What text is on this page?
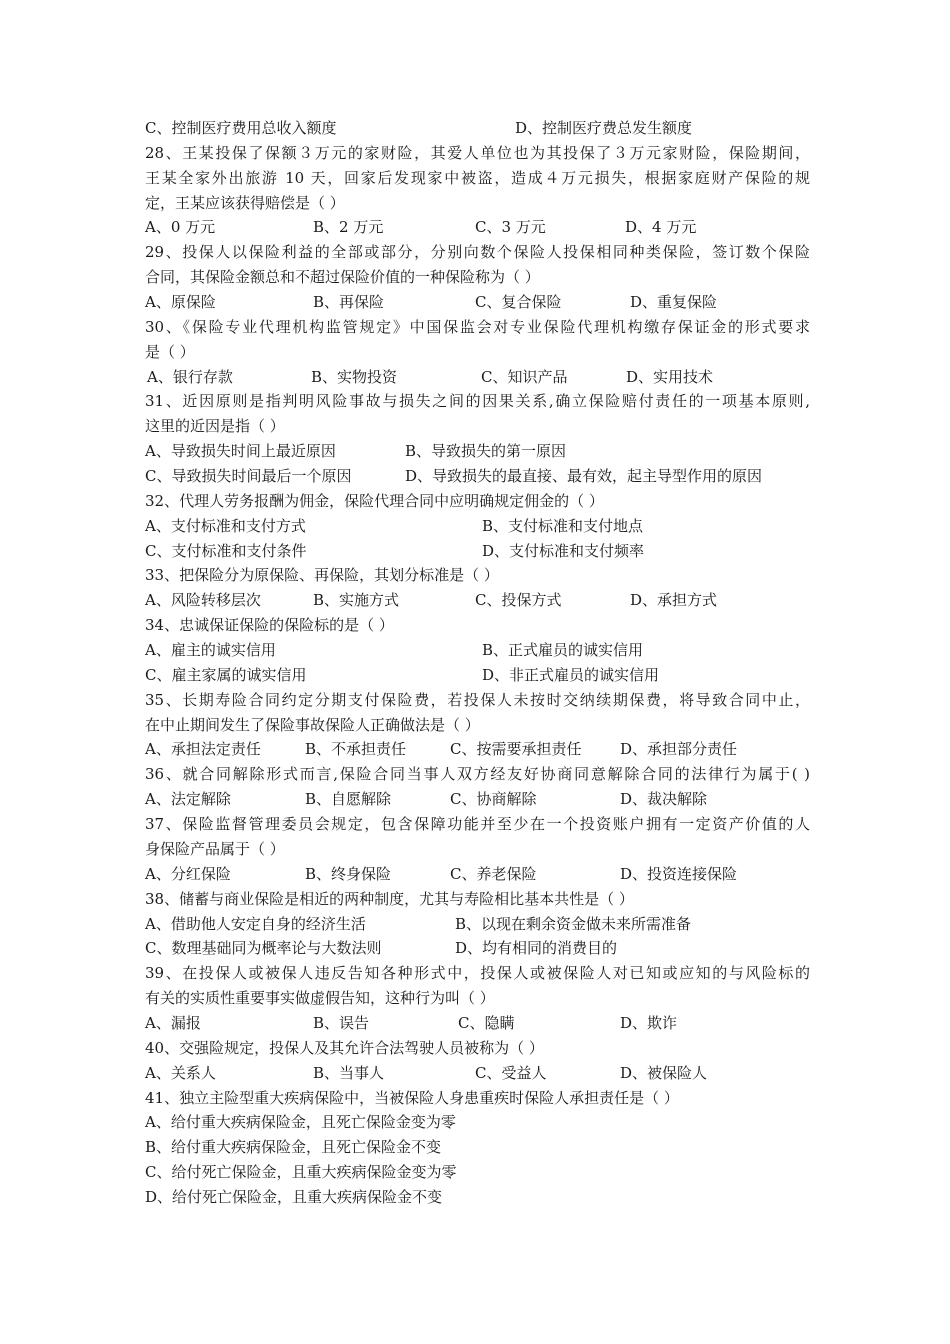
C、控制医疗费用总收入额度	D、控制医疗费总发生额度
28、王某投保了保额３万元的家财险，其爱人单位也为其投保了３万元家财险，保险期间，
王某全家外出旅游 10 天，回家后发现家中被盗，造成４万元损失，根据家庭财产保险的规
定，王某应该获得赔偿是（ ）
A、0 万元	B、2 万元	C、3 万元	D、4 万元
29、投保人以保险利益的全部或部分，分别向数个保险人投保相同种类保险，签订数个保险
合同，其保险金额总和不超过保险价值的一种保险称为（ ）
A、原保险	B、再保险	C、复合保险	D、重复保险
30、《保险专业代理机构监管规定》中国保监会对专业保险代理机构缴存保证金的形式要求
是（ ）
A、银行存款	B、实物投资	C、知识产品	D、实用技术
31、近因原则是指判明风险事故与损失之间的因果关系,确立保险赔付责任的一项基本原则,
这里的近因是指（ ）
A、导致损失时间上最近原因	B、导致损失的第一原因
C、导致损失时间最后一个原因	D、导致损失的最直接、最有效，起主导型作用的原因
32、代理人劳务报酬为佣金，保险代理合同中应明确规定佣金的（ ）
A、支付标准和支付方式	B、支付标准和支付地点
C、支付标准和支付条件	D、支付标准和支付频率
33、把保险分为原保险、再保险，其划分标准是（ ）
A、风险转移层次	B、实施方式	C、投保方式	D、承担方式
34、忠诚保证保险的保险标的是（ ）
A、雇主的诚实信用	B、正式雇员的诚实信用
C、雇主家属的诚实信用	D、非正式雇员的诚实信用
35、长期寿险合同约定分期支付保险费，若投保人未按时交纳续期保费，将导致合同中止，
在中止期间发生了保险事故保险人正确做法是（ ）
A、承担法定责任	B、不承担责任	C、按需要承担责任	D、承担部分责任
36、就合同解除形式而言,保险合同当事人双方经友好协商同意解除合同的法律行为属于( )
A、法定解除	B、自愿解除	C、协商解除	D、裁决解除
37、保险监督管理委员会规定，包含保障功能并至少在一个投资账户拥有一定资产价值的人
身保险产品属于（ ）
A、分红保险	B、终身保险	C、养老保险	D、投资连接保险
38、储蓄与商业保险是相近的两种制度，尤其与寿险相比基本共性是（ ）
A、借助他人安定自身的经济生活	B、以现在剩余资金做未来所需准备
C、数理基础同为概率论与大数法则	D、均有相同的消费目的
39、在投保人或被保人违反告知各种形式中，投保人或被保险人对已知或应知的与风险标的
有关的实质性重要事实做虚假告知，这种行为叫（ ）
A、漏报	B、误告	C、隐瞒	D、欺诈
40、交强险规定，投保人及其允许合法驾驶人员被称为（ ）
A、关系人	B、当事人	C、受益人	D、被保险人
41、独立主险型重大疾病保险中，当被保险人身患重疾时保险人承担责任是（ ）
A、给付重大疾病保险金，且死亡保险金变为零
B、给付重大疾病保险金，且死亡保险金不变
C、给付死亡保险金，且重大疾病保险金变为零
D、给付死亡保险金，且重大疾病保险金不变
